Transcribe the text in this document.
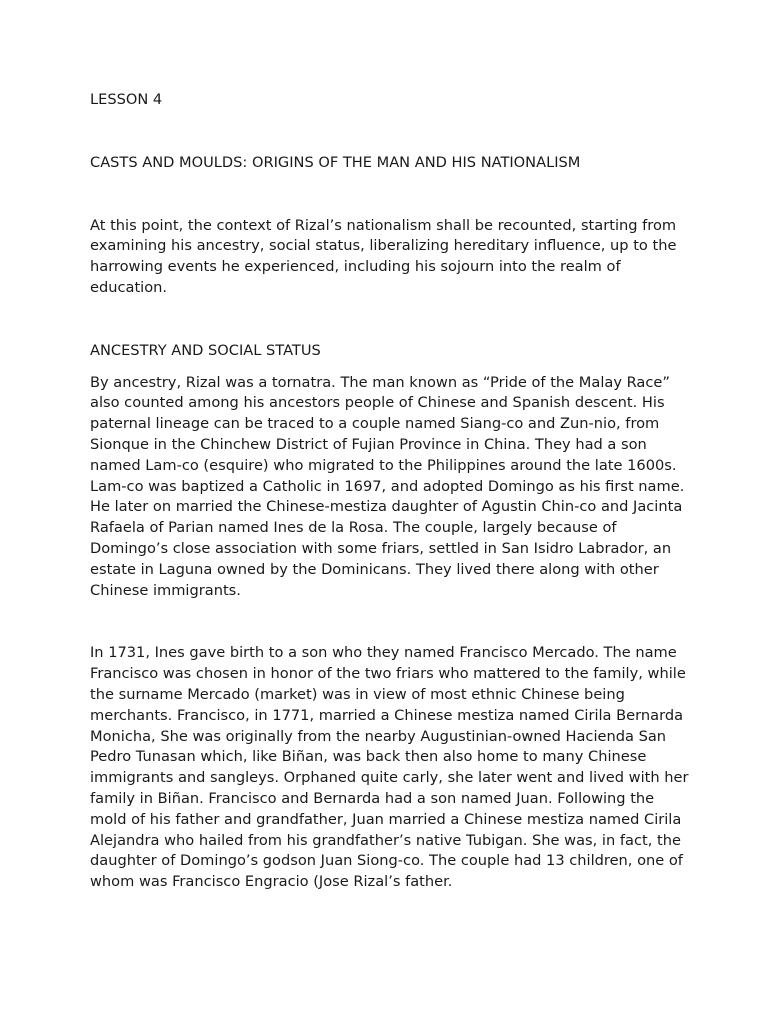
LESSON 4

CASTS AND MOULDS: ORIGINS OF THE MAN AND HIS NATIONALISM

At this point, the context of Rizal’s nationalism shall be recounted, starting from examining his ancestry, social status, liberalizing hereditary influence, up to the harrowing events he experienced, including his sojourn into the realm of education.

ANCESTRY AND SOCIAL STATUS

By ancestry, Rizal was a tornatra. The man known as “Pride of the Malay Race” also counted among his ancestors people of Chinese and Spanish descent. His paternal lineage can be traced to a couple named Siang-co and Zun-nio, from Sionque in the Chinchew District of Fujian Province in China. They had a son named Lam-co (esquire) who migrated to the Philippines around the late 1600s. Lam-co was baptized a Catholic in 1697, and adopted Domingo as his first name. He later on married the Chinese-mestiza daughter of Agustin Chin-co and Jacinta Rafaela of Parian named Ines de la Rosa. The couple, largely because of Domingo’s close association with some friars, settled in San Isidro Labrador, an estate in Laguna owned by the Dominicans. They lived there along with other Chinese immigrants.

In 1731, Ines gave birth to a son who they named Francisco Mercado. The name Francisco was chosen in honor of the two friars who mattered to the family, while the surname Mercado (market) was in view of most ethnic Chinese being merchants. Francisco, in 1771, married a Chinese mestiza named Cirila Bernarda Monicha, She was originally from the nearby Augustinian-owned Hacienda San Pedro Tunasan which, like Biñan, was back then also home to many Chinese immigrants and sangleys. Orphaned quite carly, she later went and lived with her family in Biñan. Francisco and Bernarda had a son named Juan. Following the mold of his father and grandfather, Juan married a Chinese mestiza named Cirila Alejandra who hailed from his grandfather’s native Tubigan. She was, in fact, the daughter of Domingo’s godson Juan Siong-co. The couple had 13 children, one of whom was Francisco Engracio (Jose Rizal’s father.
